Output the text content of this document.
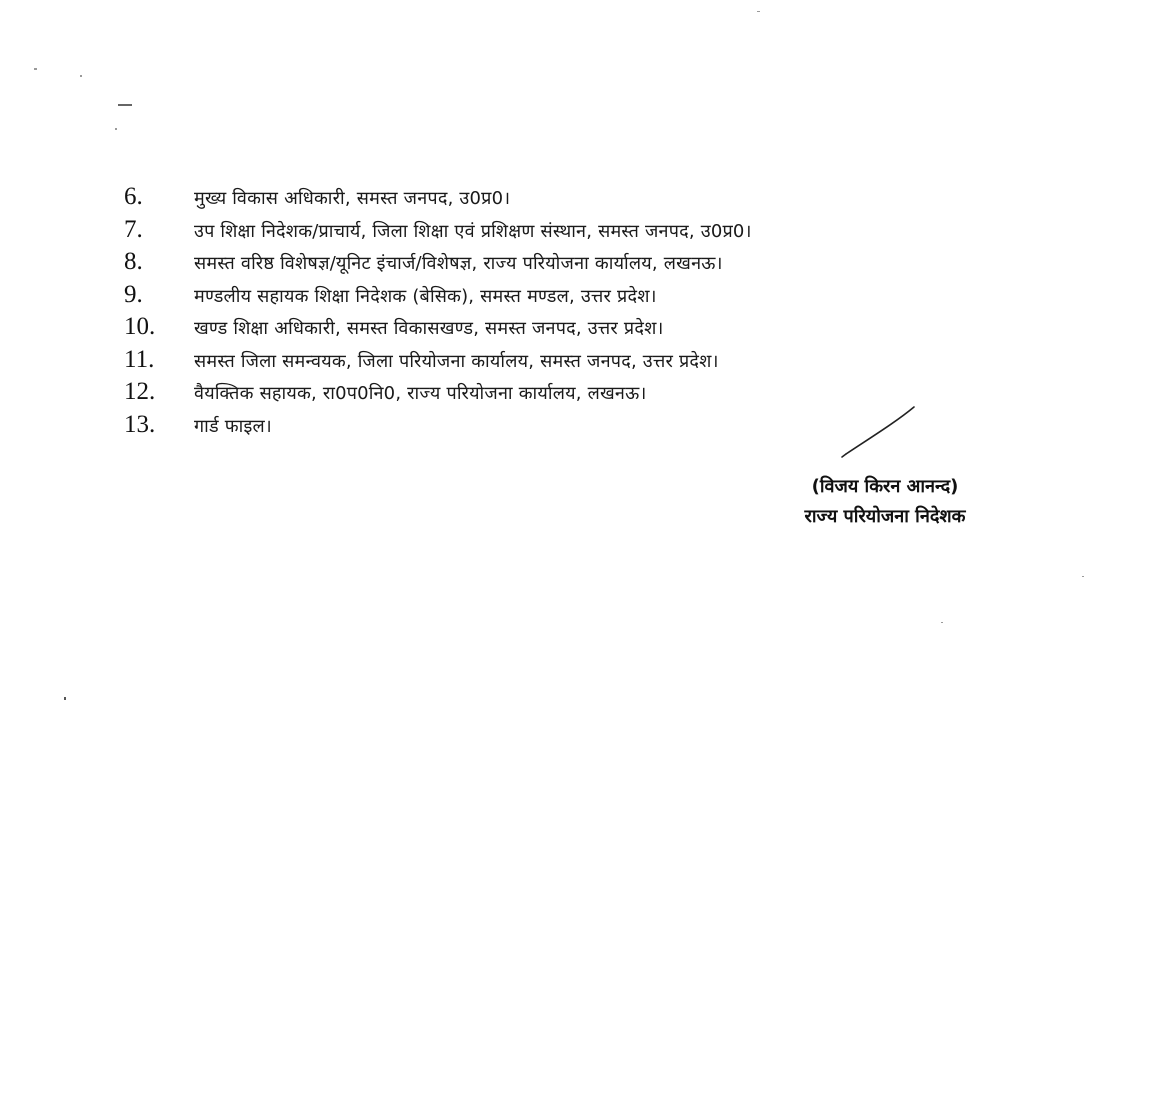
6.	मुख्य विकास अधिकारी, समस्त जनपद, उ0प्र0।
7.	उप शिक्षा निदेशक/प्राचार्य, जिला शिक्षा एवं प्रशिक्षण संस्थान, समस्त जनपद, उ0प्र0।
8.	समस्त वरिष्ठ विशेषज्ञ/यूनिट इंचार्ज/विशेषज्ञ, राज्य परियोजना कार्यालय, लखनऊ।
9.	मण्डलीय सहायक शिक्षा निदेशक (बेसिक), समस्त मण्डल, उत्तर प्रदेश।
10.	खण्ड शिक्षा अधिकारी, समस्त विकासखण्ड, समस्त जनपद, उत्तर प्रदेश।
11.	समस्त जिला समन्वयक, जिला परियोजना कार्यालय, समस्त जनपद, उत्तर प्रदेश।
12.	वैयक्तिक सहायक, रा0प0नि0, राज्य परियोजना कार्यालय, लखनऊ।
13.	गार्ड फाइल।
(विजय किरन आनन्द)
राज्य परियोजना निदेशक
